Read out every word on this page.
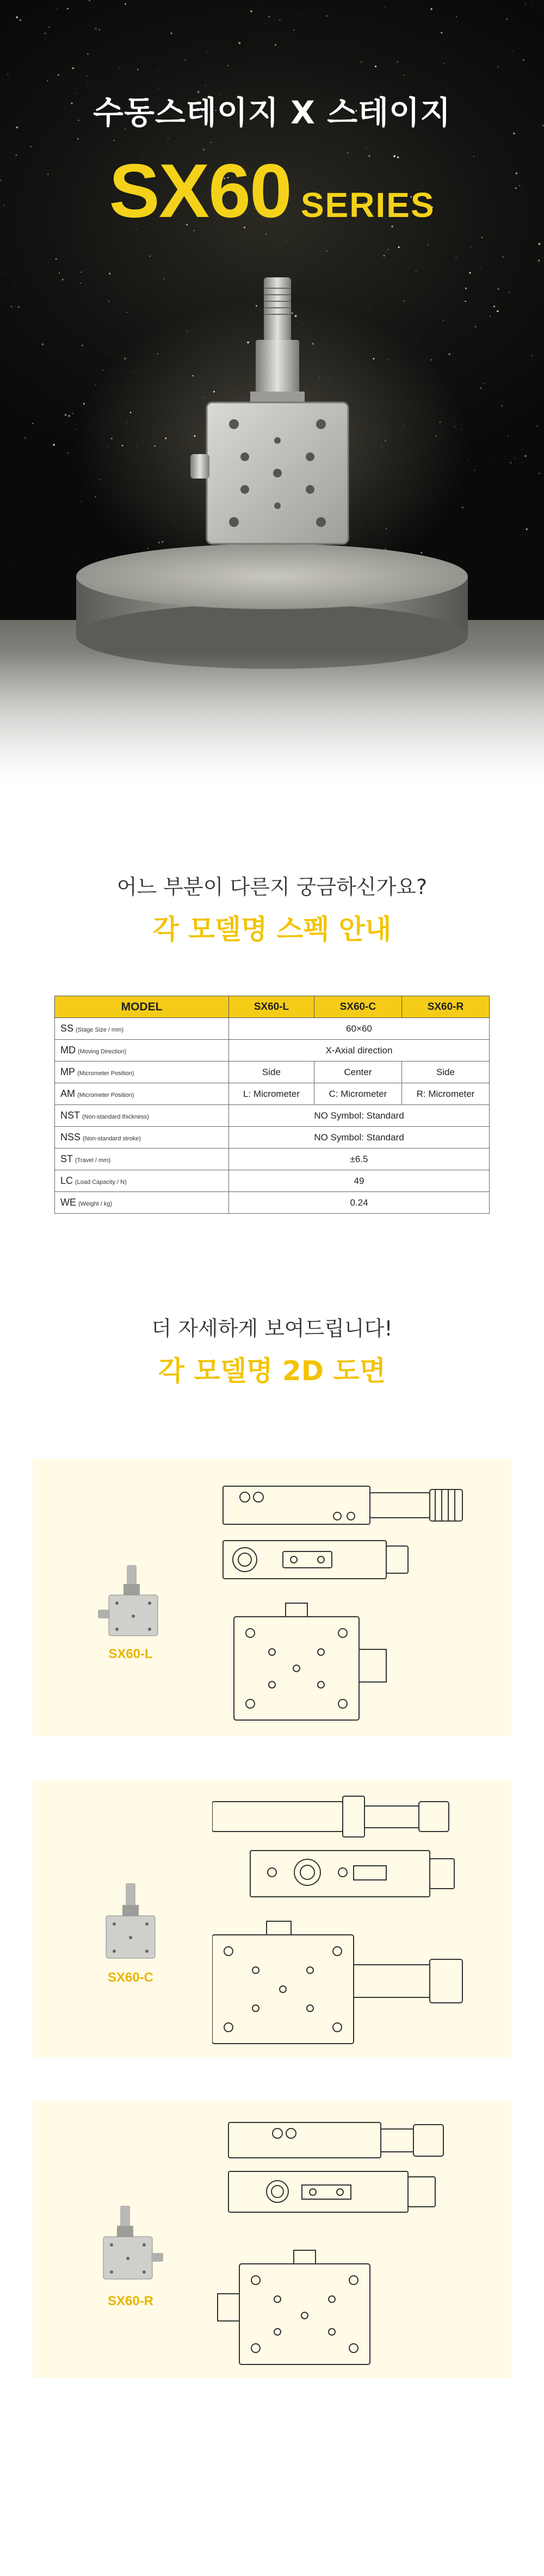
수동스테이지 X 스테이지
SX60 SERIES
어느 부분이 다른지 궁금하신가요?
각 모델명 스펙 안내
MODEL	SX60-L	SX60-C	SX60-R
SS (Stage Size / mm)	60×60		
MD (Moving Direction)	X-Axial direction		
MP (Micrometer Position)	Side	Center	Side
AM (Micrometer Position)	L: Micrometer	C: Micrometer	R: Micrometer
NST (Non-standard thickness)	NO Symbol: Standard		
NSS (Non-standard stroke)	NO Symbol: Standard		
ST (Travel / mm)	±6.5		
LC (Load Capacity / N)	49		
WE (Weight / kg)	0.24		
더 자세하게 보여드립니다!
각 모델명 2D 도면
SX60-L
SX60-C
SX60-R
